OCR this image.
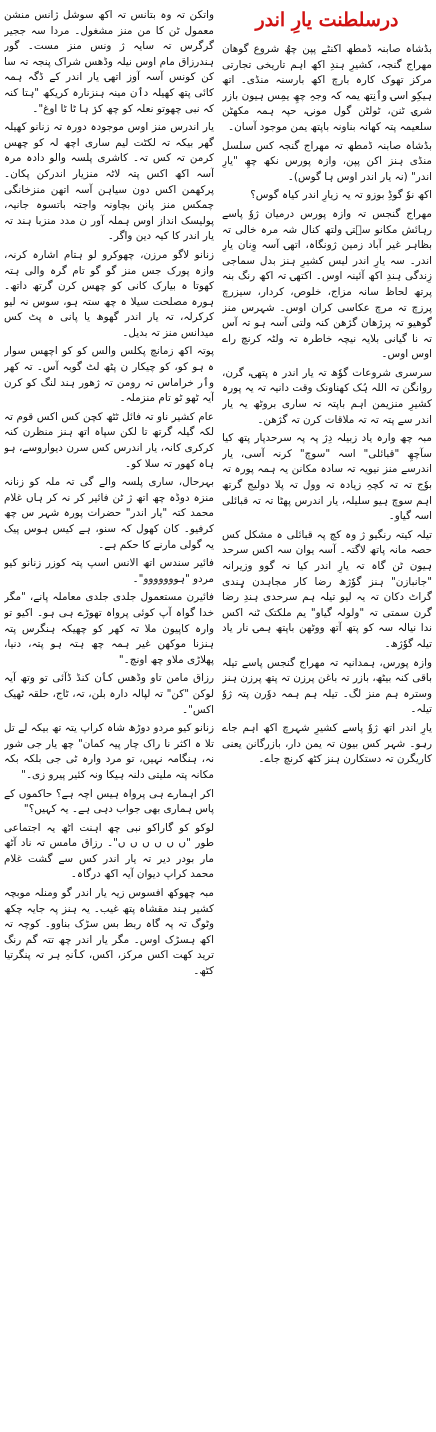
درسلطنت یارِ اندر

بڈشاہ صابنہ ڈمطھ اکنٹے پپن چھُ شروع گوھان مھراج گنجہ، کشیرِ ہندِ اکھ اہم تاریخی تجارتی مرکز تھوک کارہ بارچ اکھ بارسنہ منڈی۔ اتھ ہیکِو اسۍ وٲنِتھ یمہ کہ وجہِ چھِ یمِس ہیون بازر شرۍ ٹنن، ٹولٹن گول مونۍ، حپہ ہمہ مکھٹن سلعیمہ پتہ کھانہ بناونہ باپتھ یمن موجود آسان۔

بڈشاہ صابنہ ڈمطھ تہ مھراج گنجہ کس سلسل منڈی ہنز اکن پپن، وازہ پورس نکھ چھِ "یارِ اندر" (نہ یار اندر اوس ہا گوس)۔

اکھ نوٗ گوڈِ بوزو تہ یہ زیارِ اندر کیاہ گوس؟

مھراج گنجس تہ وازہ پورس درمیان ژوٗ پاسے رہائش مکانو سۭتۍ ولتھ کنال شہ مرہ خالی تہ بظاہر غیر آباد زمین ژونگاہ، اتھۍ آسہ وِنان یارِ اندر۔ سہ یارِ اندر لیس کشیرِ ہنز بدل سماجی زِندگی ہندِ اکھ آئینہ اوس۔ اکتھۍ تہ اکھ رنگ بنہ پرتھ لحاظ سانہ مزاج، خلوص، کردار، سیزرچ پرزچ تہ مرچ عکاسی کران اوس۔ شہرس منز گوھیو تہ پرژھان گژھن کنہ ولتی آسہ ہو تہ آس تہ نا گیانی بلایہ نیچہ خاطرہ تہ ولٹہ کرنچ راے اوس اوس۔

سرسری شروعات گوٗھ تہ یار اندر ہ پتھۍ، گرن، روانگن تہ اللہ ہُک کھناونک وقت دانیہ تہ یہ پورہ کشیرِ منزیمن اہم باپتہ تہ ساری بروٹھ یہ یار اندر سے پتہ تہ تہ ملاقات کرن تہ گژھن۔

مبہ چھ وارہ یاد زبیلہ دِژ پہ پہ سرحدپار پتھ کیا سآچھِ "قبائلی" اسہ "سوچ" کرنہ آسی، یار اندرسے منز نیویہ تہ سادہ مکانن یہ ہمہ پورہ تہ بوٗج تہ تہ کچہِ زیادہ تہ وول تہ پلا دولیج گرتھ اہم سوچ ہیو سلیلہ، یار اندرس پھٹا تہ تہ قبائلی اسہ گیاو۔

تیلہ کیتہ رنگیو ژ وہ کچ پہ قبائلی ہ مشکل کس حصہ مانہ پاتھ لاگتہ۔ آسہ یوان سہ اکس سرحد ہیون ٹن گاہ تہ یارِ اندر کیا نہ گوو وزیرانہ "جانبازن" ہنز گوٗژھ رضا کار مجاہدن ہٕندی گراٹ دکان تہ یہ لیو تیلہ ہم سرحدی ہندِ رضا گرن سمتی تہ "ولولہ گیاو" یم ملکتک ٹنہ اکس ندا نیالہ سہ کو پتھ آتھ ووٹھن باپتھ ہمۍ نار یاد تیلہ گوٗژھ۔

وازہ پورس، ہمدانیہ تہ مھراج گنجس پاسے تیلہ باقی کنہ بیٹھ، بازر تہ باغن پرزن تہ پتھ پرزن ہنز وسترہ ہم منز لگ۔ تیلہ ہم ہمہ دوٗرن پتہ ژوٗ تیلہ۔

یارِ اندر اتھ ژوٗ پاسے کشیرِ شہرچ اکھ اہم جاے رؠو۔ شہر کس بیون تہ یمن دار، بازرگانن یعنی کاریگرن تہ دستکارن ہنز کٹھ کرنچ جاے۔

واتکن تہ وہ بتانس تہ اکھ سوشل ژانس منشن معمول ٹن کا من منز مشغول۔ مردا سہ ججیر گرگرس تہ سایہ ژ ونس منز مست۔ گور ہندرزاق مام اوس نیلہ وڈھس شراک پنجہ تہ سا کن کونس آسہ آوز اتھۍ یار اندر کے ڈگہ ہمہ کائی پتھ کھیلہ دٲن مینہ ہنزنارہ کریکھ "ہتا کنہ کہ نبی چھوتو نعلہ کو چھ کرٛ ہا ٹا ٹا اوغ"۔

یار اندرس منز اوس موجودہ دورہ تہ زنانو کھیلہ گھر بیکہ تہ لکٹت لیم ساری اچھ لہ کو چھس کرمن تہ کس تہ۔ کاشری پلسہ والو دادہ مرہ آسہ اکھ اکس پتہ لاٹہ منزیار اندرکن پکان۔ پرکھمن اکس دون سیاہن آسہ اتھن منزخانگی چمکس منز پانن بچاونہ واجتہ باتسوہ جانیہ، پولیسک انداز اوس ہملہ آور ن مدد منزبا ہند تہ یار اندر کا کیہ دین واگر۔

زنانو لاگو مرزن، چھوکرو لو ہتام اشارہ کرنہ، وازہ پورک جس منز گو گو تام گرہ والی ہتہ کھوتا ہ بیارک کانی کو چھس کرن گرتھ داتھ۔ ہورہ مصلحت سیلا ہ چھ ستہ ہو، سوس نہ لیو کرکرلہ، تہ یار اندر گھوھ یا پانی ہ پٹ کس میدانس منز تہ بدیل۔

پوتہ اکھ زمانچ پکلس والس کو کو اچھس سوار ہ ہو کو، کو چیکار ن پٹھ لٹ گوبہ آس۔ تہ کھر وٲر خراماس تہ رومن تہ ژھور ہند لنگ کو کرن آیہ ٹھو ٹو تام منزملہ۔

عام کشیر ناو تہ فائل ٹٹھ کچن کس اکس قوم تہ لکہ گیلہ گرتھ تا لکن سپاہ اتھ ہنز منظرن کنہ کرکری کانہ، یار اندرس کس سرن دیواروسے، ہو ہاہ کھور تہ سلا کو۔

بہرحال، ساری پلسہ والے گی تہ ملہ کو زنانہ منزہ دوڈہ چھ اتھ ژ ٹن فائیر کر نہ کر ہاں غلام محمد کتہ "یار اندر" حضرات پورہ شہر س چھ کرفیو۔ کان کھول کہ سنو، ہے کیس ہوس پیک یہ گولی مارنے کا حکم ہے۔

فائیر سندس اتھ الانس اسپ پتہ کوزر زنانو کیو مردو "ہووووووو"۔

فائیرن مستعمول جلدی جلدی معاملہ پانے، "مگر خدا گواہ آپ کوئی پرواہ تھوڑے ہی ہو۔ اکیو تو وارہ کاپیون ملا تہ کھر کو چھیکہ ہنگرس پتہ ہنزنا موکھن غیر ہمہ چھ ہتہ ہو پتہ، دنیا، پھلاڑی ملاو چھ اونچ۔"

رزاق مامن تاو وڈھس کٲن کنڈ ڈآئی تو وتھ آیہ لوکن "کن" تہ لپالہ دارہ بلن، تہ، ٹاج، حلقہ ٹھیک اکس"۔

زنانو کیو مردو دوڑھ شاہ کراپ یتہ تھ بیکہ لے تل تلا ہ اکثر نا راک چار پیہ کمان" چھ یار جی شور نہ، ہنگامہ نہیں، تو مرد وارہ ٹی جی بلکہ بکہ مکانہ پتہ ملیتی دلنہ ہیکا ونہ کئیر پیرو زی۔"

اکر اہمارے ہی پرواہ ہیس اچہ ہے؟ حاکموں کے پاس ہماری بھی جواب دہی ہے۔ یہ کہیں؟"

لوکو کو گاراکو نبی چھ اہنت اٹھ یہ اجتماعی طور "ں ں ں ں ں ں"۔ رزاق مامس تہ ناد آٹھ مار بودر دیر تہ یار اندر کس سے گشت غلام محمد کراپ دیوان آیہ اکھ درگاہ۔

مبہ چھوکھ افسوس زیہ یار اندر گو ومنلہ موبچہ کشیر ہند مقشاہ پتھ غیب۔ یہ ہنز پہ جایہ چکھ وٹوگ تہ پہ گاہ ربط بس سڑک بناوو۔ کوچہ تہ اکھ ہسڑک اوس۔ مگر یار اندر چھ تتہ گم رنگ ترید کھت اکس مرکز، اکس، کٲنہِ ہر تہ پنگرتیا کٹھ۔
